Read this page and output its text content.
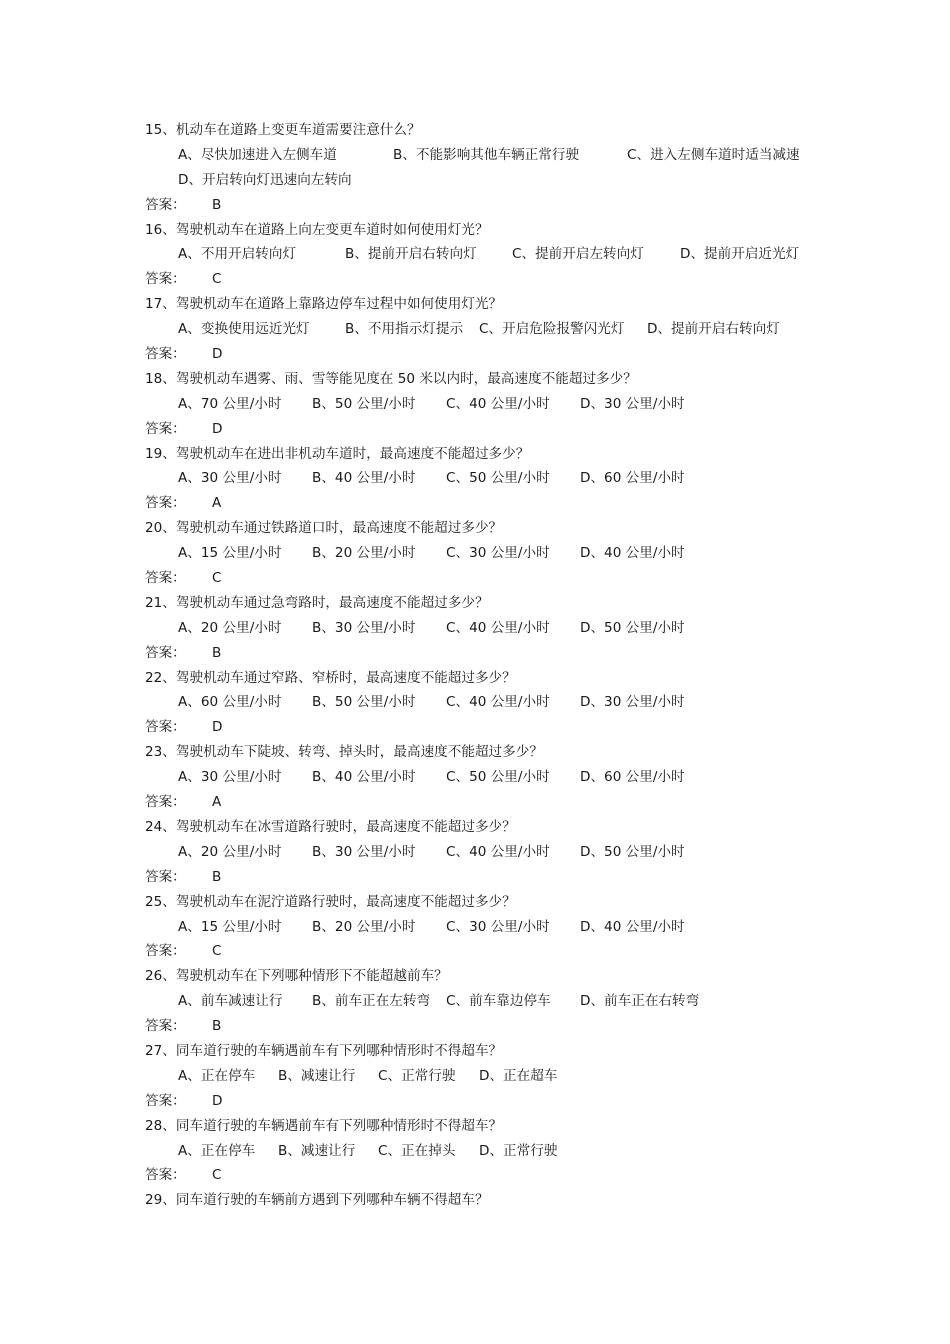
15、机动车在道路上变更车道需要注意什么？
A、尽快加速进入左侧车道	B、不能影响其他车辆正常行驶	C、进入左侧车道时适当减速
D、开启转向灯迅速向左转向
答案： B
16、驾驶机动车在道路上向左变更车道时如何使用灯光？
A、不用开启转向灯	B、提前开启右转向灯	C、提前开启左转向灯	D、提前开启近光灯
答案： C
17、驾驶机动车在道路上靠路边停车过程中如何使用灯光？
A、变换使用远近光灯	B、不用指示灯提示 C、开启危险报警闪光灯 D、提前开启右转向灯
答案： D
18、驾驶机动车遇雾、雨、雪等能见度在 50 米以内时，最高速度不能超过多少？
A、70 公里/小时 B、50 公里/小时 C、40 公里/小时 D、30 公里/小时
答案： D
19、驾驶机动车在进出非机动车道时，最高速度不能超过多少？
A、30 公里/小时 B、40 公里/小时 C、50 公里/小时 D、60 公里/小时
答案： A
20、驾驶机动车通过铁路道口时，最高速度不能超过多少？
A、15 公里/小时 B、20 公里/小时 C、30 公里/小时 D、40 公里/小时
答案： C
21、驾驶机动车通过急弯路时，最高速度不能超过多少？
A、20 公里/小时 B、30 公里/小时 C、40 公里/小时 D、50 公里/小时
答案： B
22、驾驶机动车通过窄路、窄桥时，最高速度不能超过多少？
A、60 公里/小时 B、50 公里/小时 C、40 公里/小时 D、30 公里/小时
答案： D
23、驾驶机动车下陡坡、转弯、掉头时，最高速度不能超过多少？
A、30 公里/小时 B、40 公里/小时 C、50 公里/小时 D、60 公里/小时
答案： A
24、驾驶机动车在冰雪道路行驶时，最高速度不能超过多少？
A、20 公里/小时 B、30 公里/小时 C、40 公里/小时 D、50 公里/小时
答案： B
25、驾驶机动车在泥泞道路行驶时，最高速度不能超过多少？
A、15 公里/小时 B、20 公里/小时 C、30 公里/小时 D、40 公里/小时
答案： C
26、驾驶机动车在下列哪种情形下不能超越前车？
A、前车减速让行 B、前车正在左转弯 C、前车靠边停车 D、前车正在右转弯
答案： B
27、同车道行驶的车辆遇前车有下列哪种情形时不得超车？
A、正在停车 B、减速让行 C、正常行驶 D、正在超车
答案： D
28、同车道行驶的车辆遇前车有下列哪种情形时不得超车？
A、正在停车 B、减速让行 C、正在掉头 D、正常行驶
答案： C
29、同车道行驶的车辆前方遇到下列哪种车辆不得超车？
